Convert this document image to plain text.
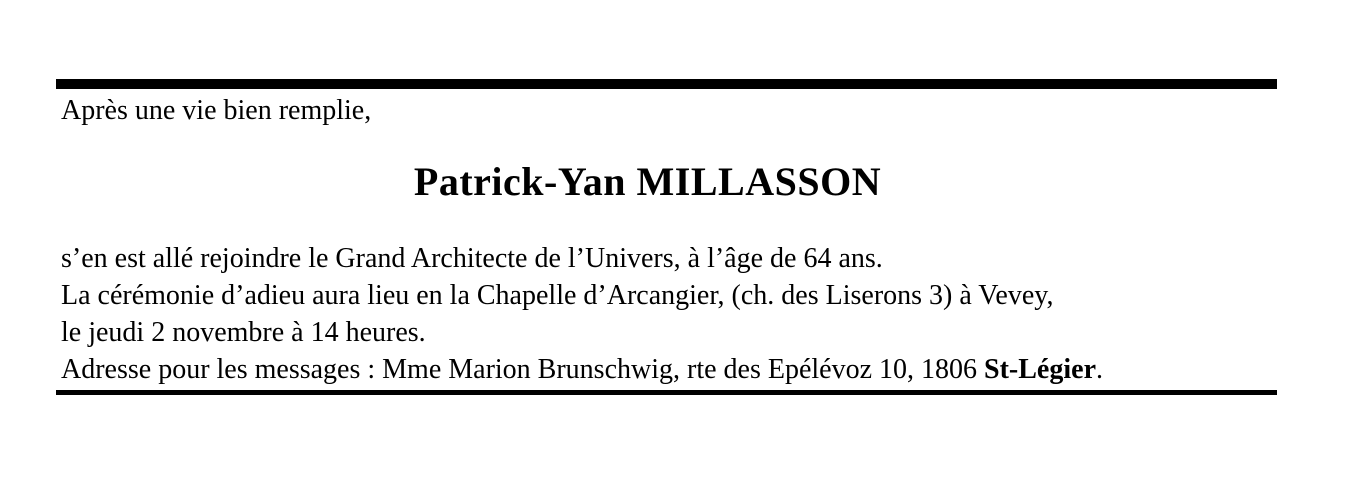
Après une vie bien remplie,

Patrick-Yan MILLASSON

s’en est allé rejoindre le Grand Architecte de l’Univers, à l’âge de 64 ans.

La cérémonie d’adieu aura lieu en la Chapelle d’Arcangier, (ch. des Liserons 3) à Vevey,

le jeudi 2 novembre à 14 heures.

Adresse pour les messages : Mme Marion Brunschwig, rte des Epélévoz 10, 1806 St-Légier.
